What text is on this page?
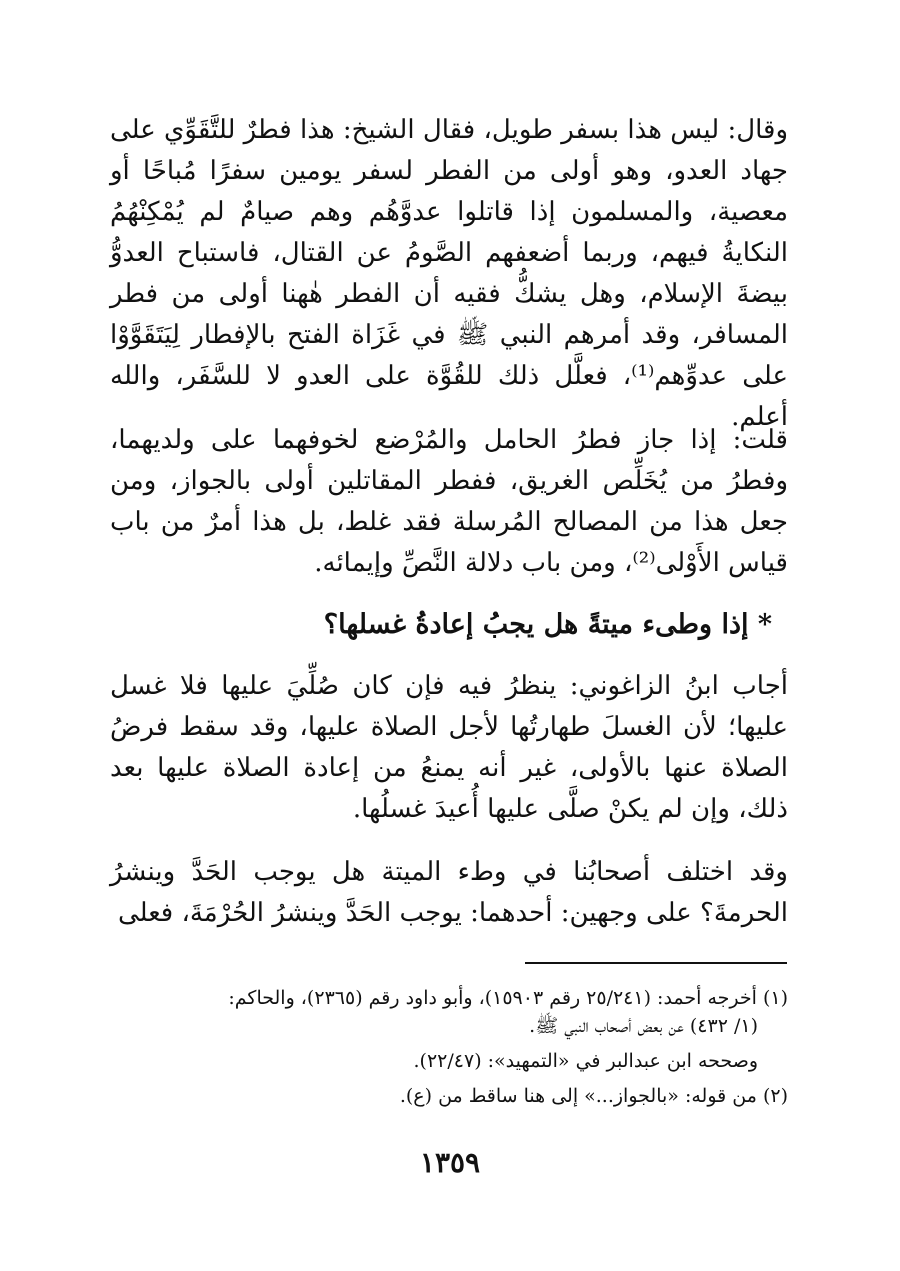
وقال: ليس هذا بسفر طويل، فقال الشيخ: هذا فطرٌ للتَّقَوِّي على جهاد العدو، وهو أولى من الفطر لسفر يومين سفرًا مُباحًا أو معصية، والمسلمون إذا قاتلوا عدوَّهُم وهم صيامٌ لم يُمْكِنْهُمُ النكايةُ فيهم، وربما أضعفهم الصَّومُ عن القتال، فاستباح العدوُّ بيضةَ الإسلام، وهل يشكُّ فقيه أن الفطر هٰهنا أولى من فطر المسافر، وقد أمرهم النبي ﷺ في غَزَاة الفتح بالإفطار لِيَتَقَوَّوْا على عدوِّهم⁽¹⁾، فعلَّل ذلك للقُوَّة على العدو لا للسَّفَر، والله أعلم.

قلت: إذا جاز فطرُ الحامل والمُرْضع لخوفهما على ولديهما، وفطرُ من يُخَلِّص الغريق، ففطر المقاتلين أولى بالجواز، ومن جعل هذا من المصالح المُرسلة فقد غلط، بل هذا أمرٌ من باب قياس الأَوْلى⁽²⁾، ومن باب دلالة النَّصِّ وإيمائه.

* إذا وطىء ميتةً هل يجبُ إعادةُ غسلها؟

أجاب ابنُ الزاغوني: ينظرُ فيه فإن كان صُلِّيَ عليها فلا غسل عليها؛ لأن الغسلَ طهارتُها لأجل الصلاة عليها، وقد سقط فرضُ الصلاة عنها بالأولى، غير أنه يمنعُ من إعادة الصلاة عليها بعد ذلك، وإن لم يكنْ صلَّى عليها أُعيدَ غسلُها.

وقد اختلف أصحابُنا في وطء الميتة هل يوجب الحَدَّ وينشرُ الحرمةَ؟ على وجهين: أحدهما: يوجب الحَدَّ وينشرُ الحُرْمَةَ، فعلى

(١) أخرجه أحمد: (٢٥/٢٤١ رقم ١٥٩٠٣)، وأبو داود رقم (٢٣٦٥)، والحاكم:
(١/ ٤٣٢) عن بعض أصحاب النبي ﷺ.

وصححه ابن عبدالبر في «التمهيد»: (٢٢/٤٧).

(٢) من قوله: «بالجواز...» إلى هنا ساقط من (ع).

١٣٥٩
